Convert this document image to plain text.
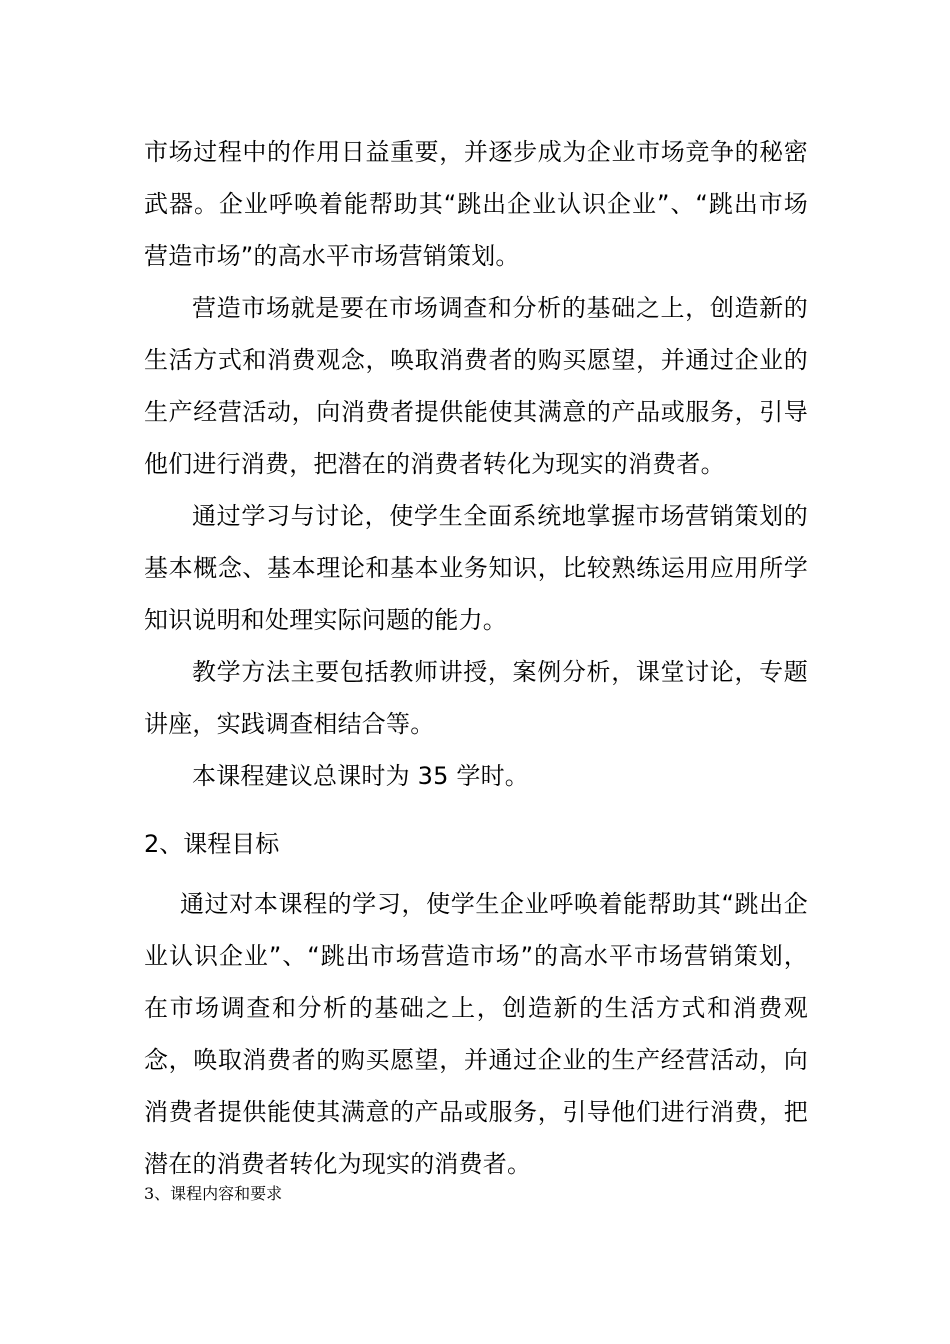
市场过程中的作用日益重要，并逐步成为企业市场竞争的秘密武器。企业呼唤着能帮助其“跳出企业认识企业”、“跳出市场营造市场”的高水平市场营销策划。

营造市场就是要在市场调查和分析的基础之上，创造新的生活方式和消费观念，唤取消费者的购买愿望，并通过企业的生产经营活动，向消费者提供能使其满意的产品或服务，引导他们进行消费，把潜在的消费者转化为现实的消费者。

通过学习与讨论，使学生全面系统地掌握市场营销策划的基本概念、基本理论和基本业务知识，比较熟练运用应用所学知识说明和处理实际问题的能力。

教学方法主要包括教师讲授，案例分析，课堂讨论，专题讲座，实践调查相结合等。

本课程建议总课时为 35 学时。

2、课程目标

通过对本课程的学习，使学生企业呼唤着能帮助其“跳出企业认识企业”、“跳出市场营造市场”的高水平市场营销策划，在市场调查和分析的基础之上，创造新的生活方式和消费观念，唤取消费者的购买愿望，并通过企业的生产经营活动，向消费者提供能使其满意的产品或服务，引导他们进行消费，把潜在的消费者转化为现实的消费者。

3、课程内容和要求
